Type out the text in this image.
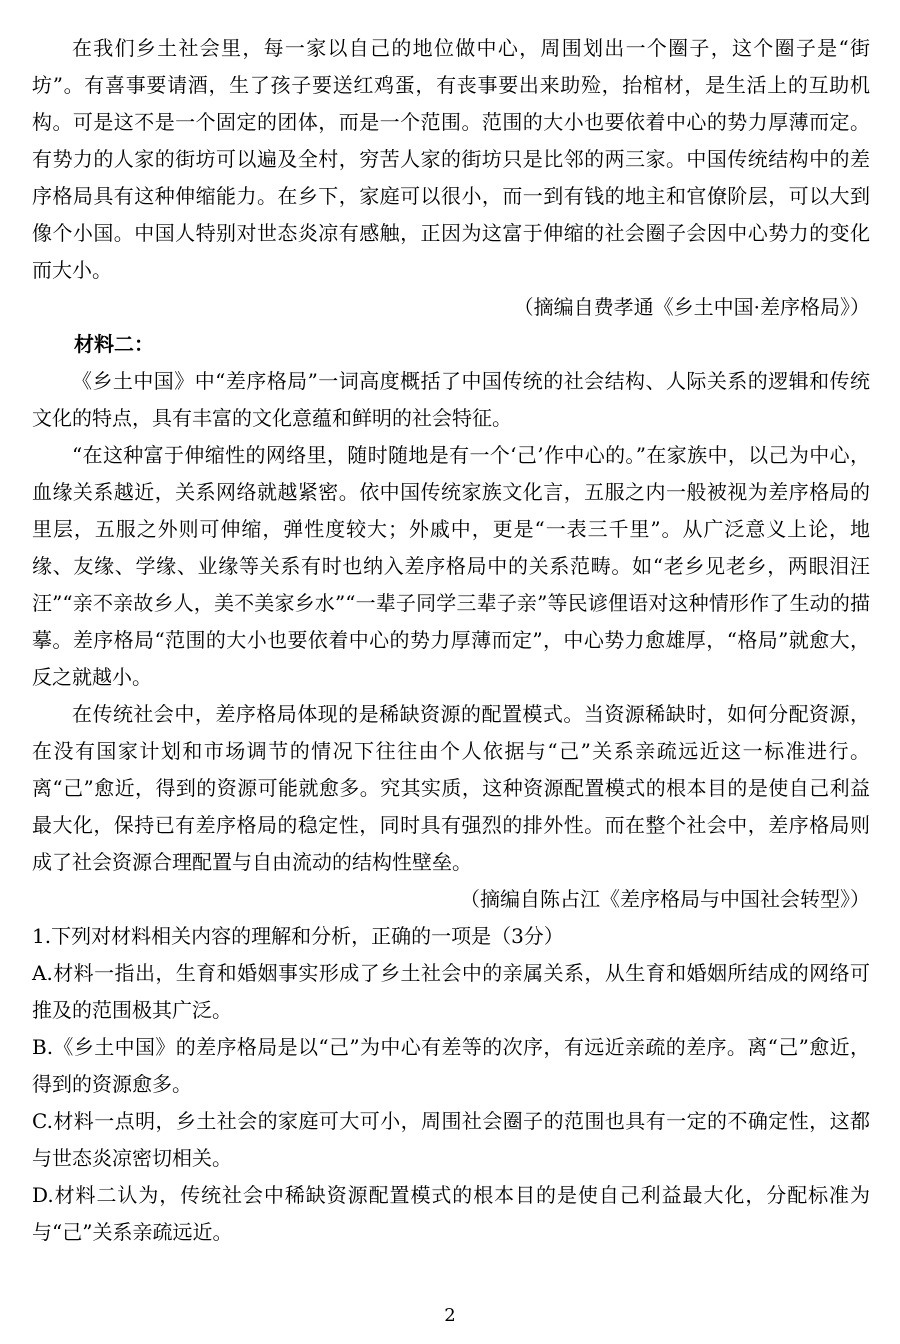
在我们乡土社会里，每一家以自己的地位做中心，周围划出一个圈子，这个圈子是“街坊”。有喜事要请酒，生了孩子要送红鸡蛋，有丧事要出来助殓，抬棺材，是生活上的互助机构。可是这不是一个固定的团体，而是一个范围。范围的大小也要依着中心的势力厚薄而定。有势力的人家的街坊可以遍及全村，穷苦人家的街坊只是比邻的两三家。中国传统结构中的差序格局具有这种伸缩能力。在乡下，家庭可以很小，而一到有钱的地主和官僚阶层，可以大到像个小国。中国人特别对世态炎凉有感触，正因为这富于伸缩的社会圈子会因中心势力的变化而大小。

（摘编自费孝通《乡土中国·差序格局》）

材料二：

《乡土中国》中“差序格局”一词高度概括了中国传统的社会结构、人际关系的逻辑和传统文化的特点，具有丰富的文化意蕴和鲜明的社会特征。

“在这种富于伸缩性的网络里，随时随地是有一个‘己’作中心的。”在家族中，以己为中心，血缘关系越近，关系网络就越紧密。依中国传统家族文化言，五服之内一般被视为差序格局的里层，五服之外则可伸缩，弹性度较大；外戚中，更是“一表三千里”。从广泛意义上论，地缘、友缘、学缘、业缘等关系有时也纳入差序格局中的关系范畴。如“老乡见老乡，两眼泪汪汪”“亲不亲故乡人，美不美家乡水”“一辈子同学三辈子亲”等民谚俚语对这种情形作了生动的描摹。差序格局“范围的大小也要依着中心的势力厚薄而定”，中心势力愈雄厚，“格局”就愈大，反之就越小。

在传统社会中，差序格局体现的是稀缺资源的配置模式。当资源稀缺时，如何分配资源，在没有国家计划和市场调节的情况下往往由个人依据与“己”关系亲疏远近这一标准进行。离“己”愈近，得到的资源可能就愈多。究其实质，这种资源配置模式的根本目的是使自己利益最大化，保持已有差序格局的稳定性，同时具有强烈的排外性。而在整个社会中，差序格局则成了社会资源合理配置与自由流动的结构性壁垒。

（摘编自陈占江《差序格局与中国社会转型》）

1.下列对材料相关内容的理解和分析，正确的一项是（3分）

A.材料一指出，生育和婚姻事实形成了乡土社会中的亲属关系，从生育和婚姻所结成的网络可推及的范围极其广泛。

B.《乡土中国》的差序格局是以“己”为中心有差等的次序，有远近亲疏的差序。离“己”愈近，得到的资源愈多。

C.材料一点明，乡土社会的家庭可大可小，周围社会圈子的范围也具有一定的不确定性，这都与世态炎凉密切相关。

D.材料二认为，传统社会中稀缺资源配置模式的根本目的是使自己利益最大化，分配标准为与“己”关系亲疏远近。

2
